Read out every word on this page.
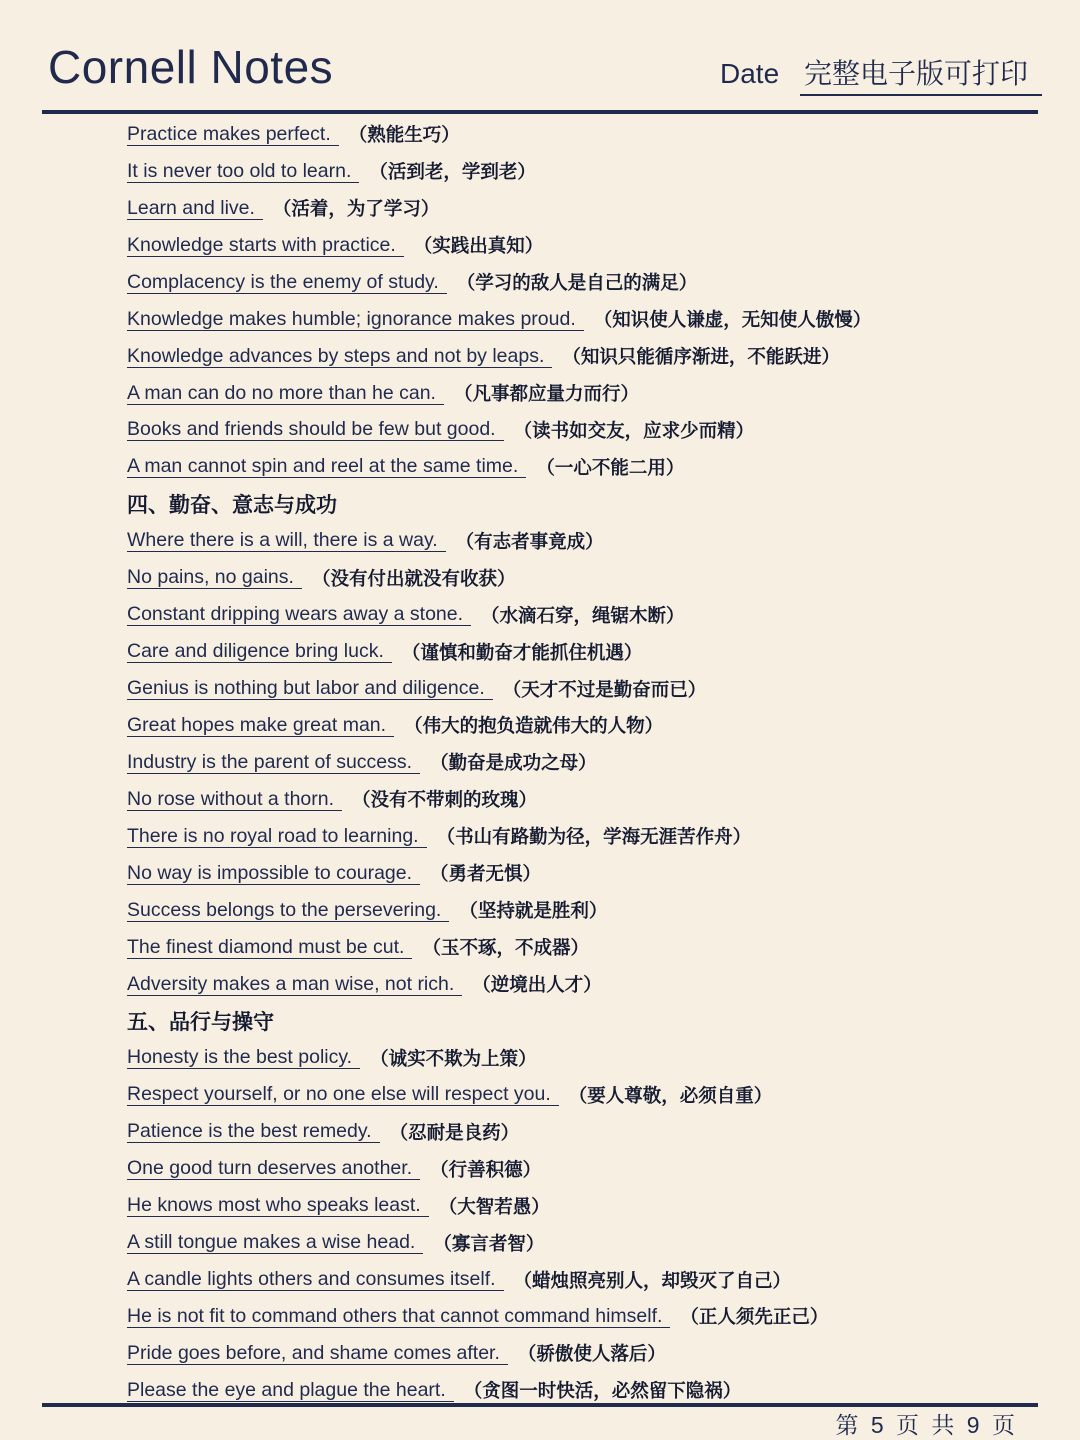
Cornell Notes	Date 完整电子版可打印
Practice makes perfect. （熟能生巧）
It is never too old to learn. （活到老，学到老）
Learn and live. （活着，为了学习）
Knowledge starts with practice. （实践出真知）
Complacency is the enemy of study. （学习的敌人是自己的满足）
Knowledge makes humble; ignorance makes proud. （知识使人谦虚，无知使人傲慢）
Knowledge advances by steps and not by leaps. （知识只能循序渐进，不能跃进）
A man can do no more than he can. （凡事都应量力而行）
Books and friends should be few but good. （读书如交友，应求少而精）
A man cannot spin and reel at the same time. （一心不能二用）
四、勤奋、意志与成功
Where there is a will, there is a way. （有志者事竟成）
No pains, no gains. （没有付出就没有收获）
Constant dripping wears away a stone. （水滴石穿，绳锯木断）
Care and diligence bring luck. （谨慎和勤奋才能抓住机遇）
Genius is nothing but labor and diligence. （天才不过是勤奋而已）
Great hopes make great man. （伟大的抱负造就伟大的人物）
Industry is the parent of success. （勤奋是成功之母）
No rose without a thorn. （没有不带刺的玫瑰）
There is no royal road to learning. （书山有路勤为径，学海无涯苦作舟）
No way is impossible to courage. （勇者无惧）
Success belongs to the persevering. （坚持就是胜利）
The finest diamond must be cut. （玉不琢，不成器）
Adversity makes a man wise, not rich. （逆境出人才）
五、品行与操守
Honesty is the best policy. （诚实不欺为上策）
Respect yourself, or no one else will respect you. （要人尊敬，必须自重）
Patience is the best remedy. （忍耐是良药）
One good turn deserves another. （行善积德）
He knows most who speaks least. （大智若愚）
A still tongue makes a wise head. （寡言者智）
A candle lights others and consumes itself. （蜡烛照亮别人，却毁灭了自己）
He is not fit to command others that cannot command himself. （正人须先正己）
Pride goes before, and shame comes after. （骄傲使人落后）
Please the eye and plague the heart. （贪图一时快活，必然留下隐祸）
第 5 页 共 9 页
